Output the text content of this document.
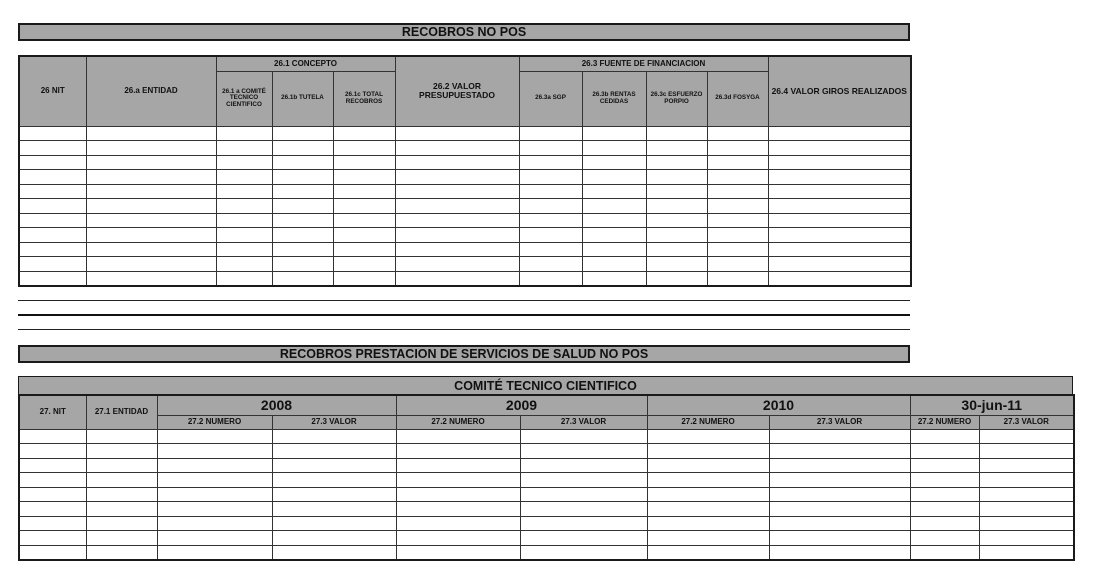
RECOBROS NO POS
26 NIT	26.a ENTIDAD	26.1 CONCEPTO			26.2 VALOR PRESUPUESTADO	26.3 FUENTE DE FINANCIACION				26.4 VALOR GIROS REALIZADOS
		26.1 a COMITÉ TECNICO CIENTIFICO	26.1b TUTELA	26.1c TOTAL RECOBROS		26.3a SGP	26.3b RENTAS CEDIDAS	26.3c ESFUERZO PORPIO	26.3d FOSYGA	

RECOBROS PRESTACION DE SERVICIOS DE SALUD NO POS
COMITÉ TECNICO CIENTIFICO
27. NIT	27.1 ENTIDAD	2008		2009		2010		30-jun-11	
		27.2 NUMERO	27.3 VALOR	27.2 NUMERO	27.3 VALOR	27.2 NUMERO	27.3 VALOR	27.2 NUMERO	27.3 VALOR
